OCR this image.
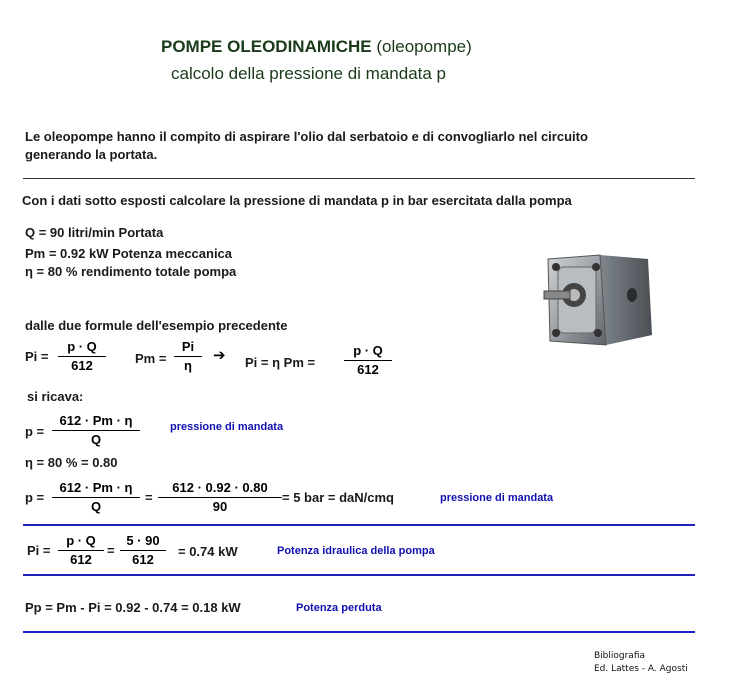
POMPE OLEODINAMICHE (oleopompe)
calcolo della pressione di mandata p
Le oleopompe hanno il compito di aspirare l'olio dal serbatoio e di convogliarlo nel circuito
generando la portata.
Con i dati sotto esposti calcolare la pressione di mandata p in bar esercitata dalla pompa
Q = 90 litri/min Portata
Pm = 0.92 kW Potenza meccanica
η = 80 % rendimento totale pompa
dalle due formule dell'esempio precedente
Pi =
p · Q
612	Pm =
Pi
η
➔ Pi = η Pm =
p · Q
612
si ricava:
p =
612 · Pm · η
Q
pressione di mandata
η = 80 % = 0.80
p =
612 · Pm · η
Q
=
612 · 0.92 · 0.80
90
= 5 bar = daN/cmq	pressione di mandata
Pi =
p · Q
612
=
5 · 90
612
= 0.74 kW	Potenza idraulica della pompa
Pp = Pm - Pi = 0.92 - 0.74 = 0.18 kW	Potenza perduta
Bibliografia
Ed. Lattes - A. Agosti
